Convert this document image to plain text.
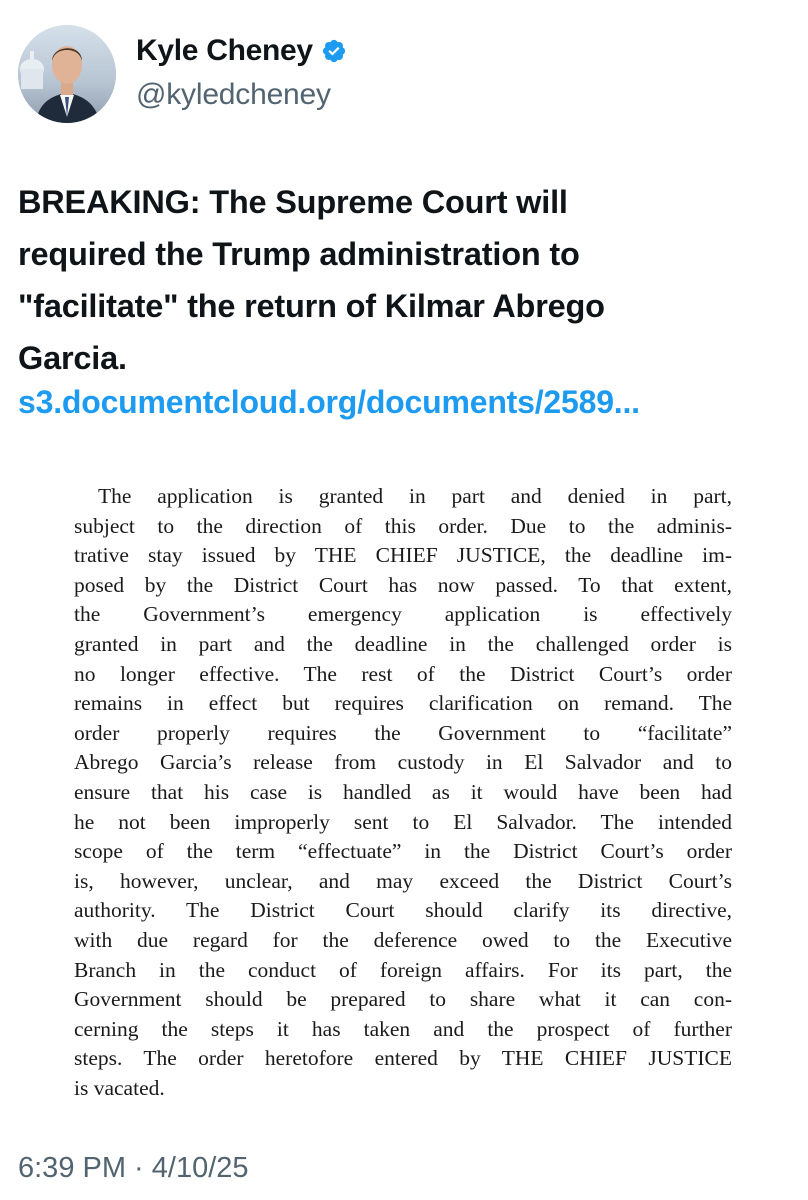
Kyle Cheney
@kyledcheney
BREAKING: The Supreme Court will
required the Trump administration to
"facilitate" the return of Kilmar Abrego
Garcia.
s3.documentcloud.org/documents/2589...
The application is granted in part and denied in part,
subject to the direction of this order. Due to the adminis-
trative stay issued by THE CHIEF JUSTICE, the deadline im-
posed by the District Court has now passed. To that extent,
the Government’s emergency application is effectively
granted in part and the deadline in the challenged order is
no longer effective. The rest of the District Court’s order
remains in effect but requires clarification on remand. The
order properly requires the Government to “facilitate”
Abrego Garcia’s release from custody in El Salvador and to
ensure that his case is handled as it would have been had
he not been improperly sent to El Salvador. The intended
scope of the term “effectuate” in the District Court’s order
is, however, unclear, and may exceed the District Court’s
authority. The District Court should clarify its directive,
with due regard for the deference owed to the Executive
Branch in the conduct of foreign affairs. For its part, the
Government should be prepared to share what it can con-
cerning the steps it has taken and the prospect of further
steps. The order heretofore entered by THE CHIEF JUSTICE
is vacated.
6:39 PM · 4/10/25
